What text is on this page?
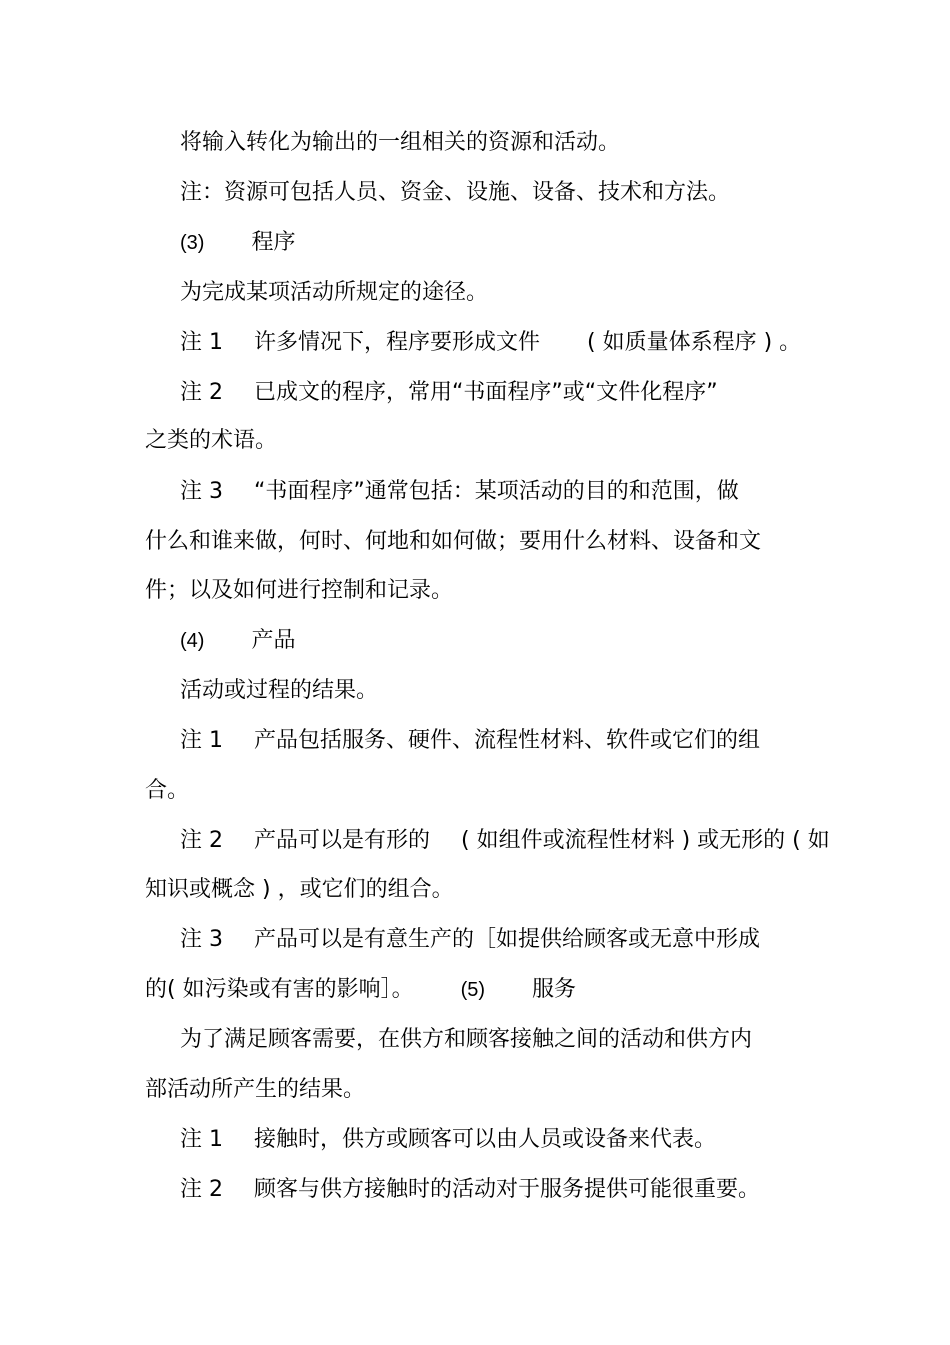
将输入转化为输出的一组相关的资源和活动。
注：资源可包括人员、资金、设施、设备、技术和方法。
(3) 程序
为完成某项活动所规定的途径。
注 1 许多情况下，程序要形成文件 ( 如质量体系程序 ) 。
注 2 已成文的程序，常用“书面程序”或“文件化程序”
之类的术语。
注 3 “书面程序”通常包括：某项活动的目的和范围，做
什么和谁来做，何时、何地和如何做；要用什么材料、设备和文
件；以及如何进行控制和记录。
(4) 产品
活动或过程的结果。
注 1 产品包括服务、硬件、流程性材料、软件或它们的组
合。
注 2 产品可以是有形的 ( 如组件或流程性材料 ) 或无形的 ( 如
知识或概念 ) ，或它们的组合。
注 3 产品可以是有意生产的［如提供给顾客或无意中形成
的( 如污染或有害的影响］。 (5) 服务
为了满足顾客需要，在供方和顾客接触之间的活动和供方内
部活动所产生的结果。
注 1 接触时，供方或顾客可以由人员或设备来代表。
注 2 顾客与供方接触时的活动对于服务提供可能很重要。
